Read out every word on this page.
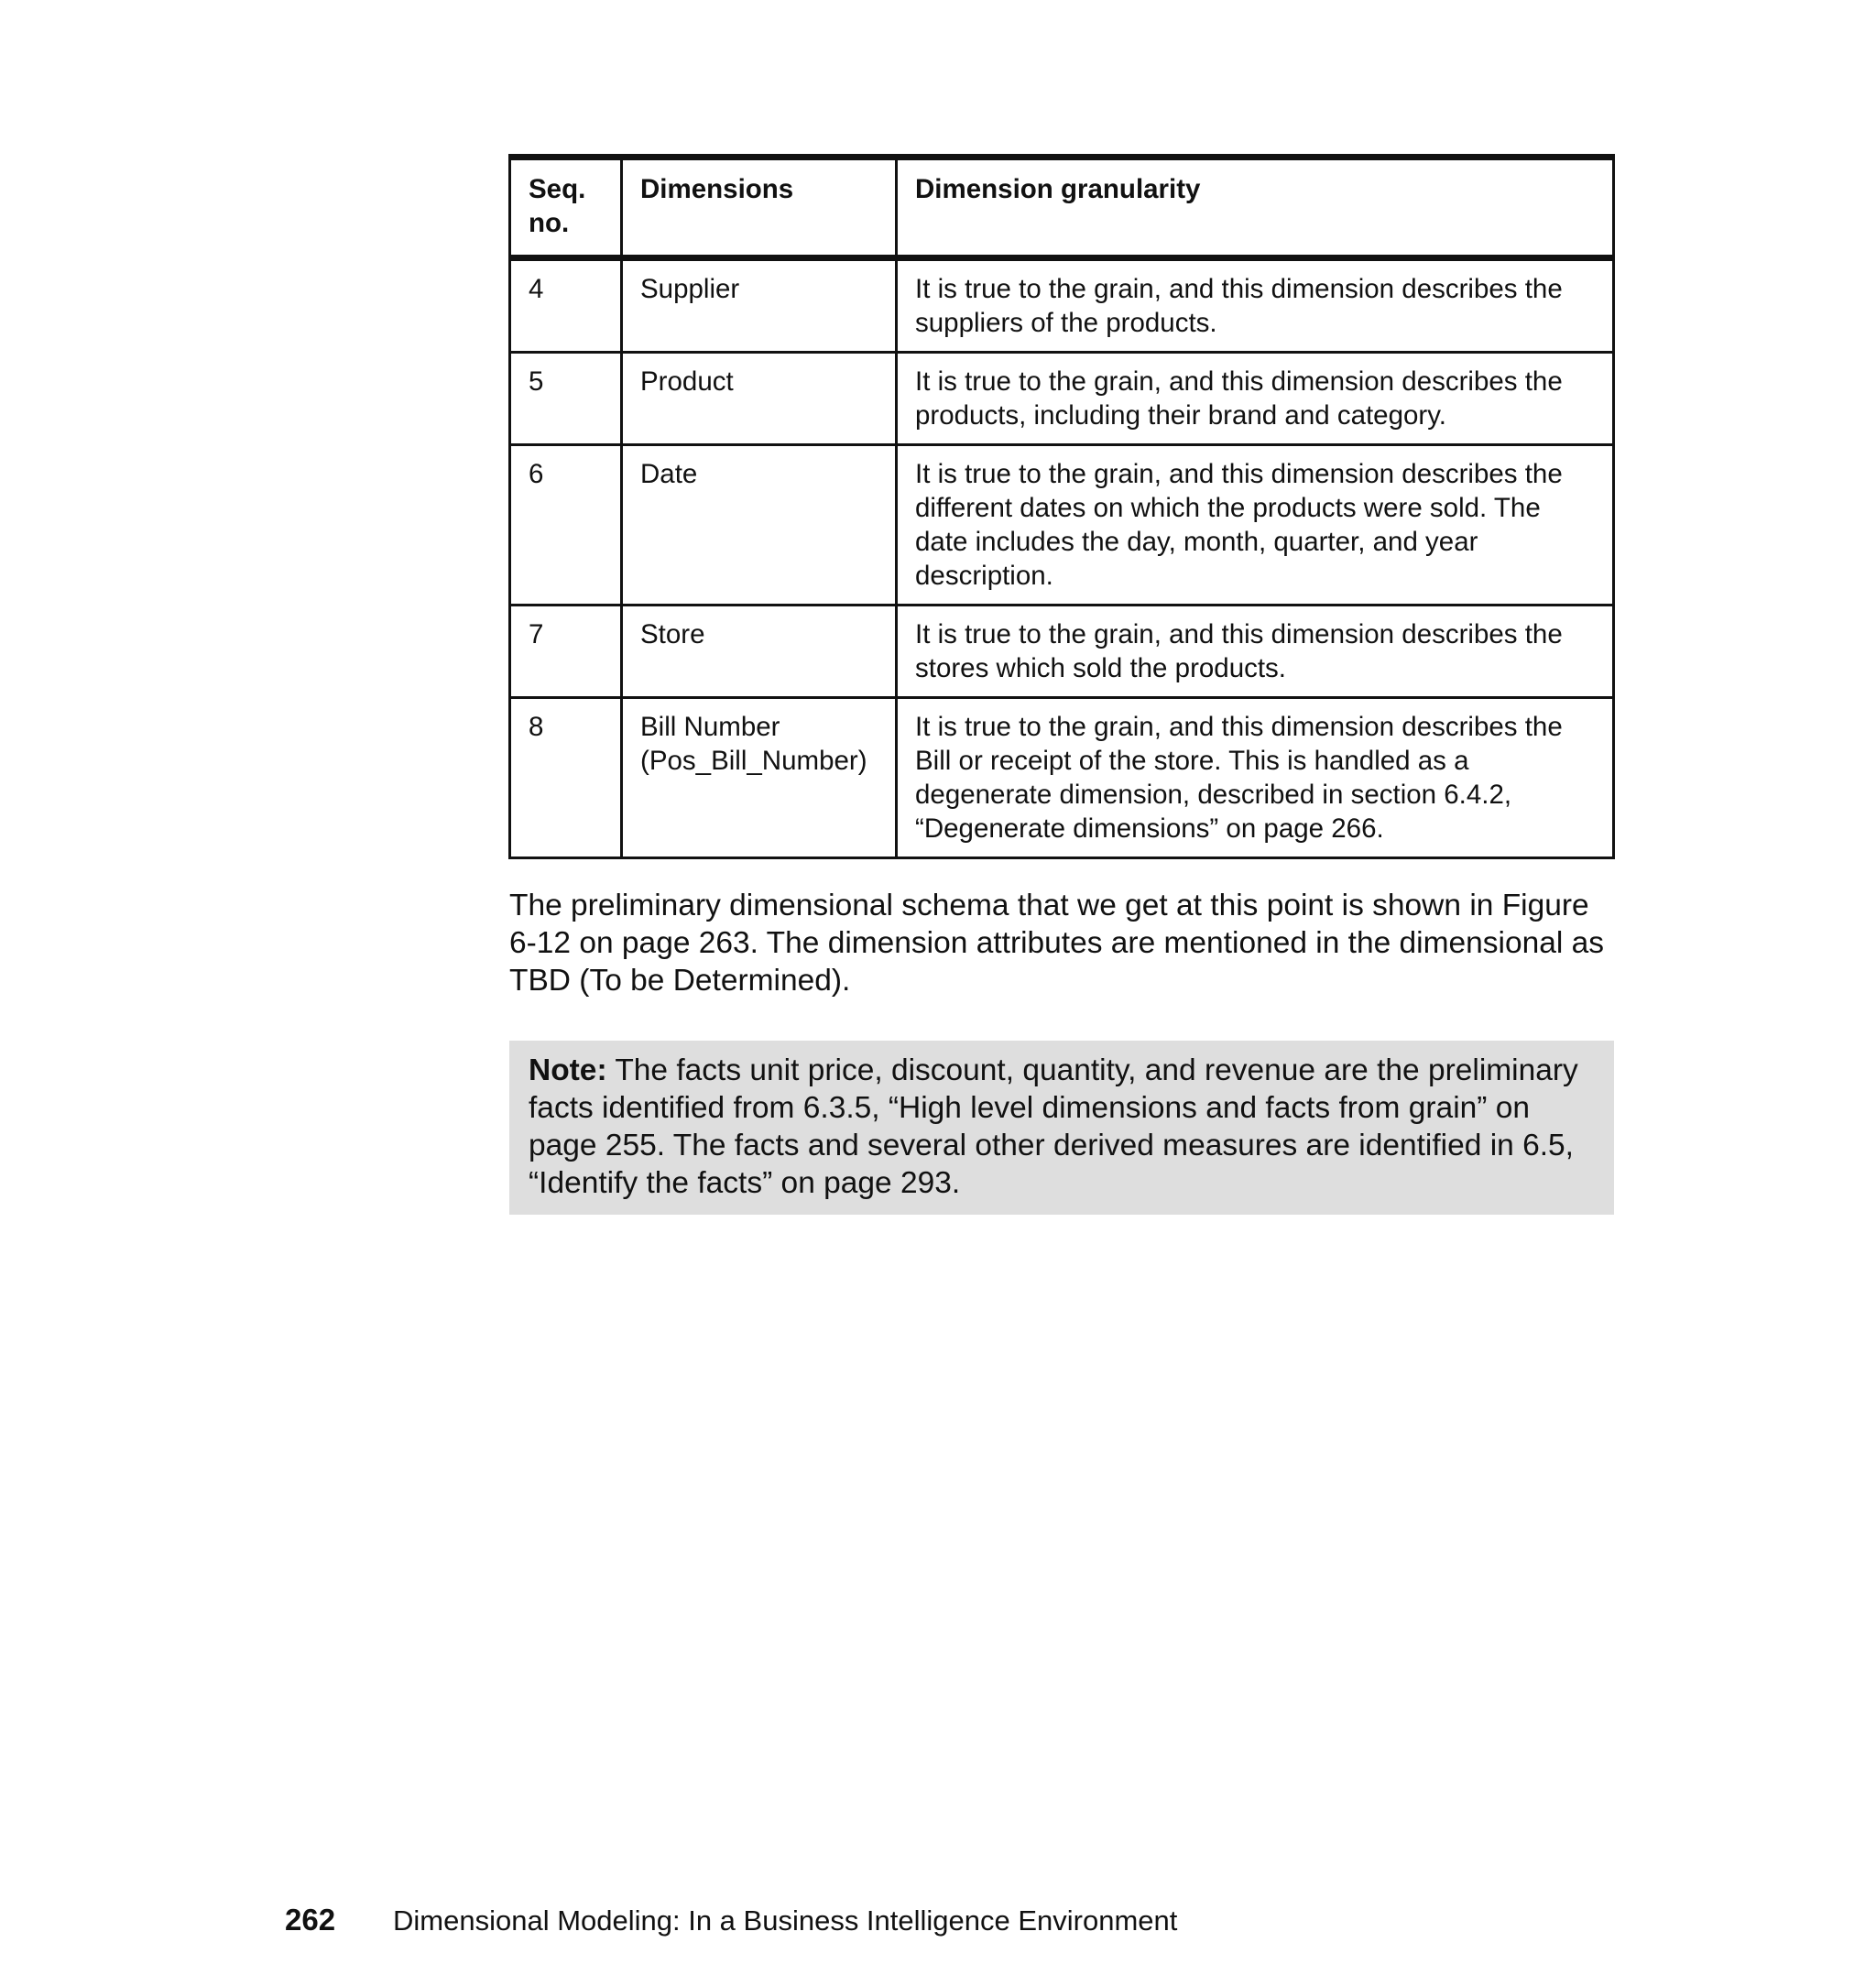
Seq. no.	Dimensions	Dimension granularity
4	Supplier	It is true to the grain, and this dimension describes the suppliers of the products.
5	Product	It is true to the grain, and this dimension describes the products, including their brand and category.
6	Date	It is true to the grain, and this dimension describes the different dates on which the products were sold. The date includes the day, month, quarter, and year description.
7	Store	It is true to the grain, and this dimension describes the stores which sold the products.
8	Bill Number (Pos_Bill_Number)	It is true to the grain, and this dimension describes the Bill or receipt of the store. This is handled as a degenerate dimension, described in section 6.4.2, “Degenerate dimensions” on page 266.

The preliminary dimensional schema that we get at this point is shown in Figure 6-12 on page 263. The dimension attributes are mentioned in the dimensional as TBD (To be Determined).

Note: The facts unit price, discount, quantity, and revenue are the preliminary facts identified from 6.3.5, “High level dimensions and facts from grain” on page 255. The facts and several other derived measures are identified in 6.5, “Identify the facts” on page 293.
262 Dimensional Modeling: In a Business Intelligence Environment
